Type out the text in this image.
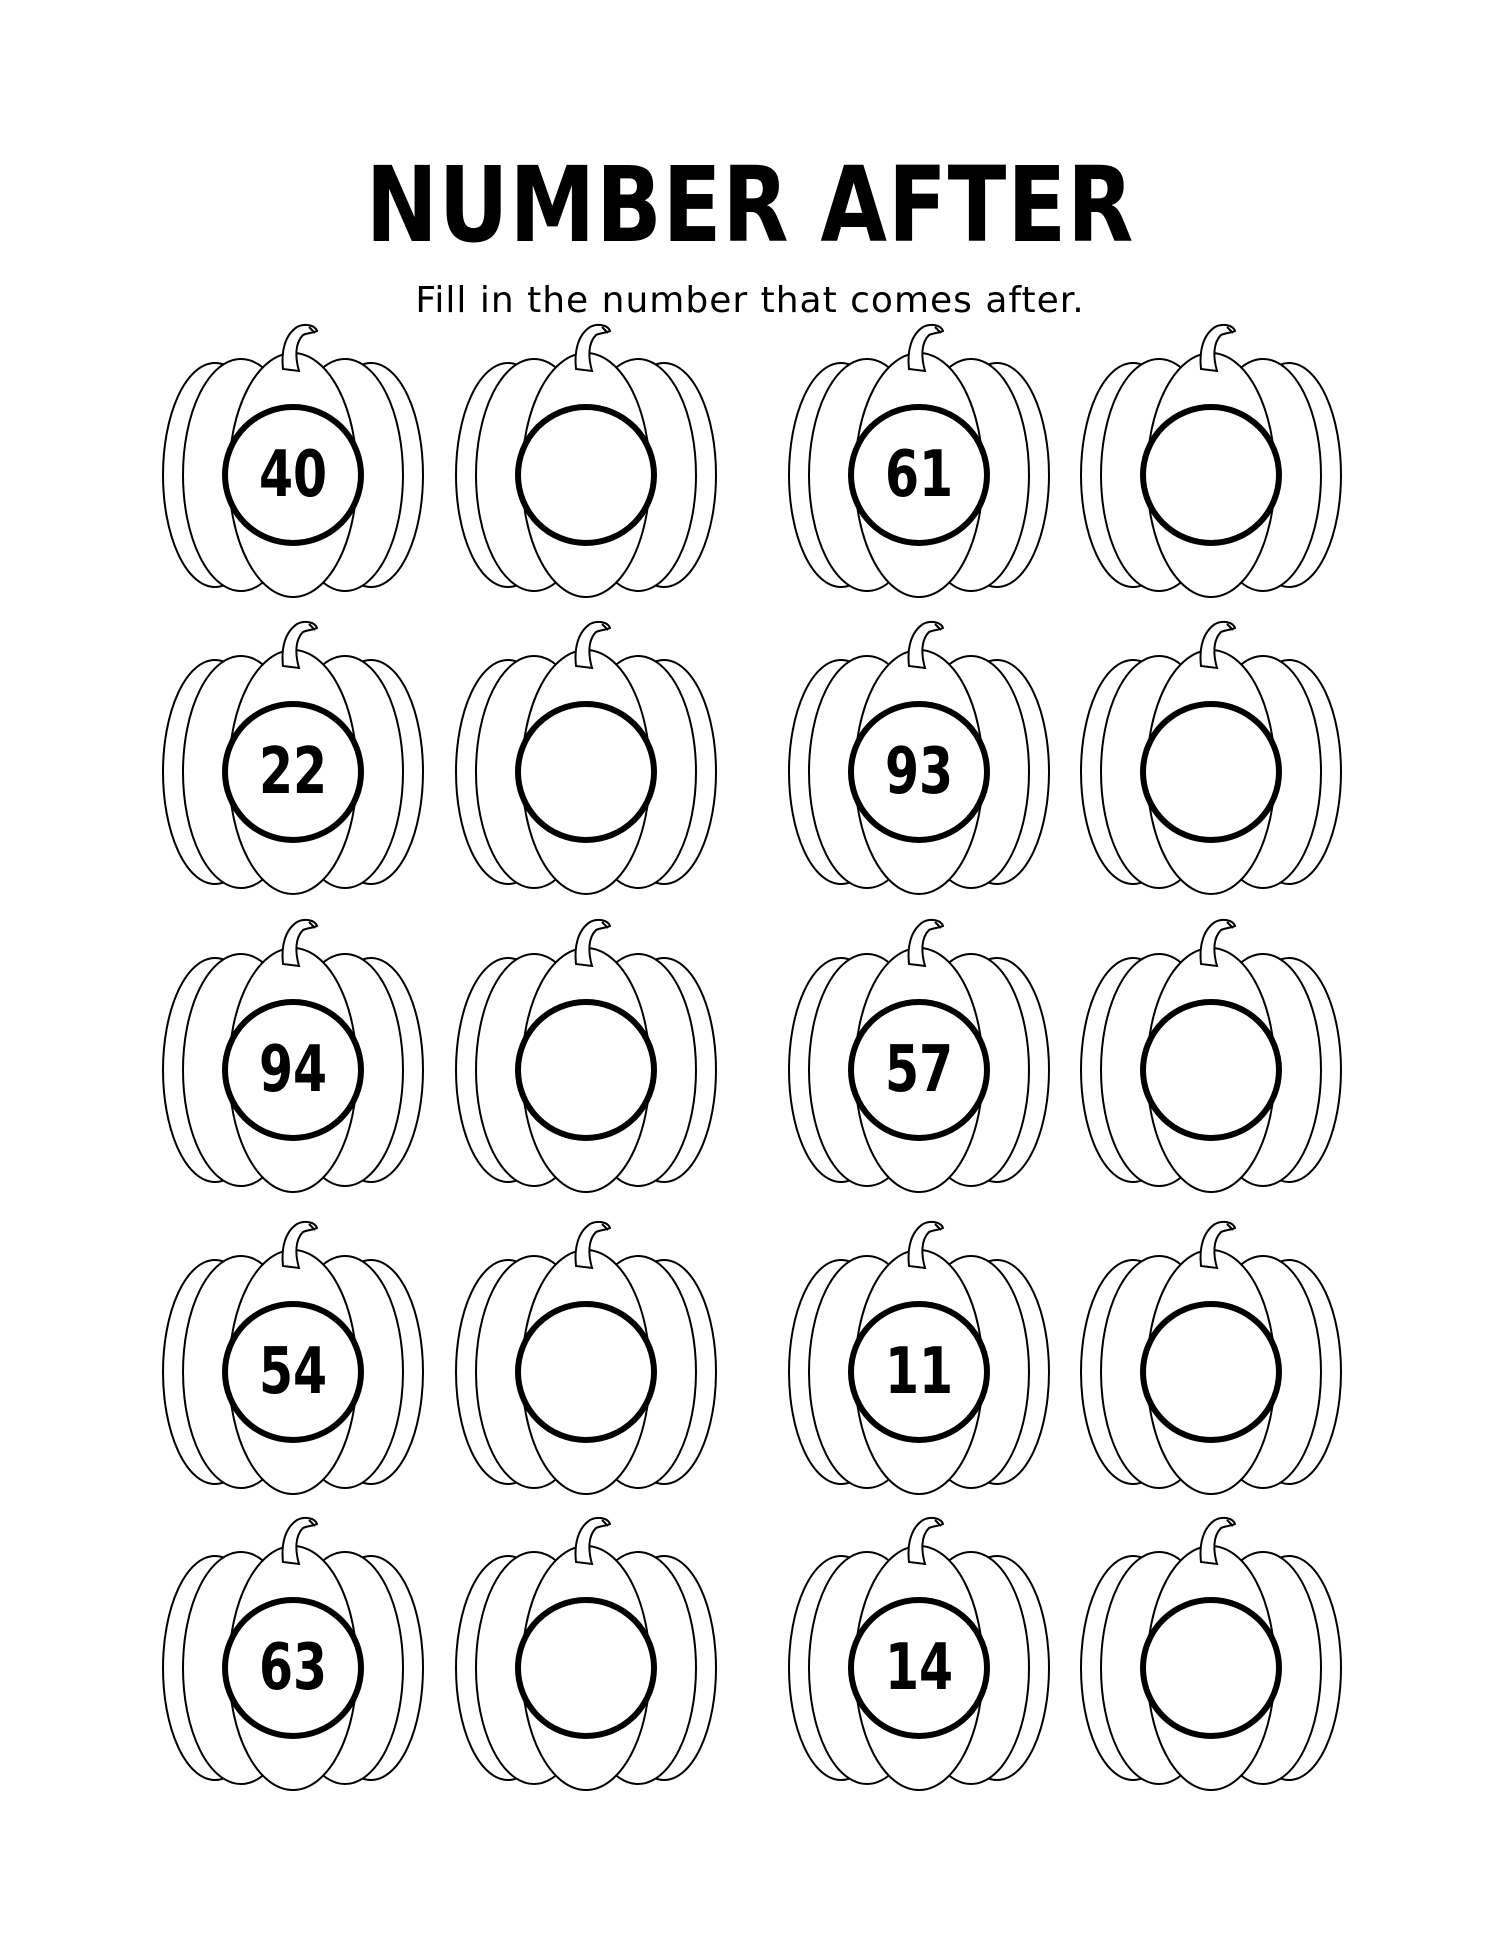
NUMBER AFTER
Fill in the number that comes after.
40	61
22	93
94	57
54	11
63	14
